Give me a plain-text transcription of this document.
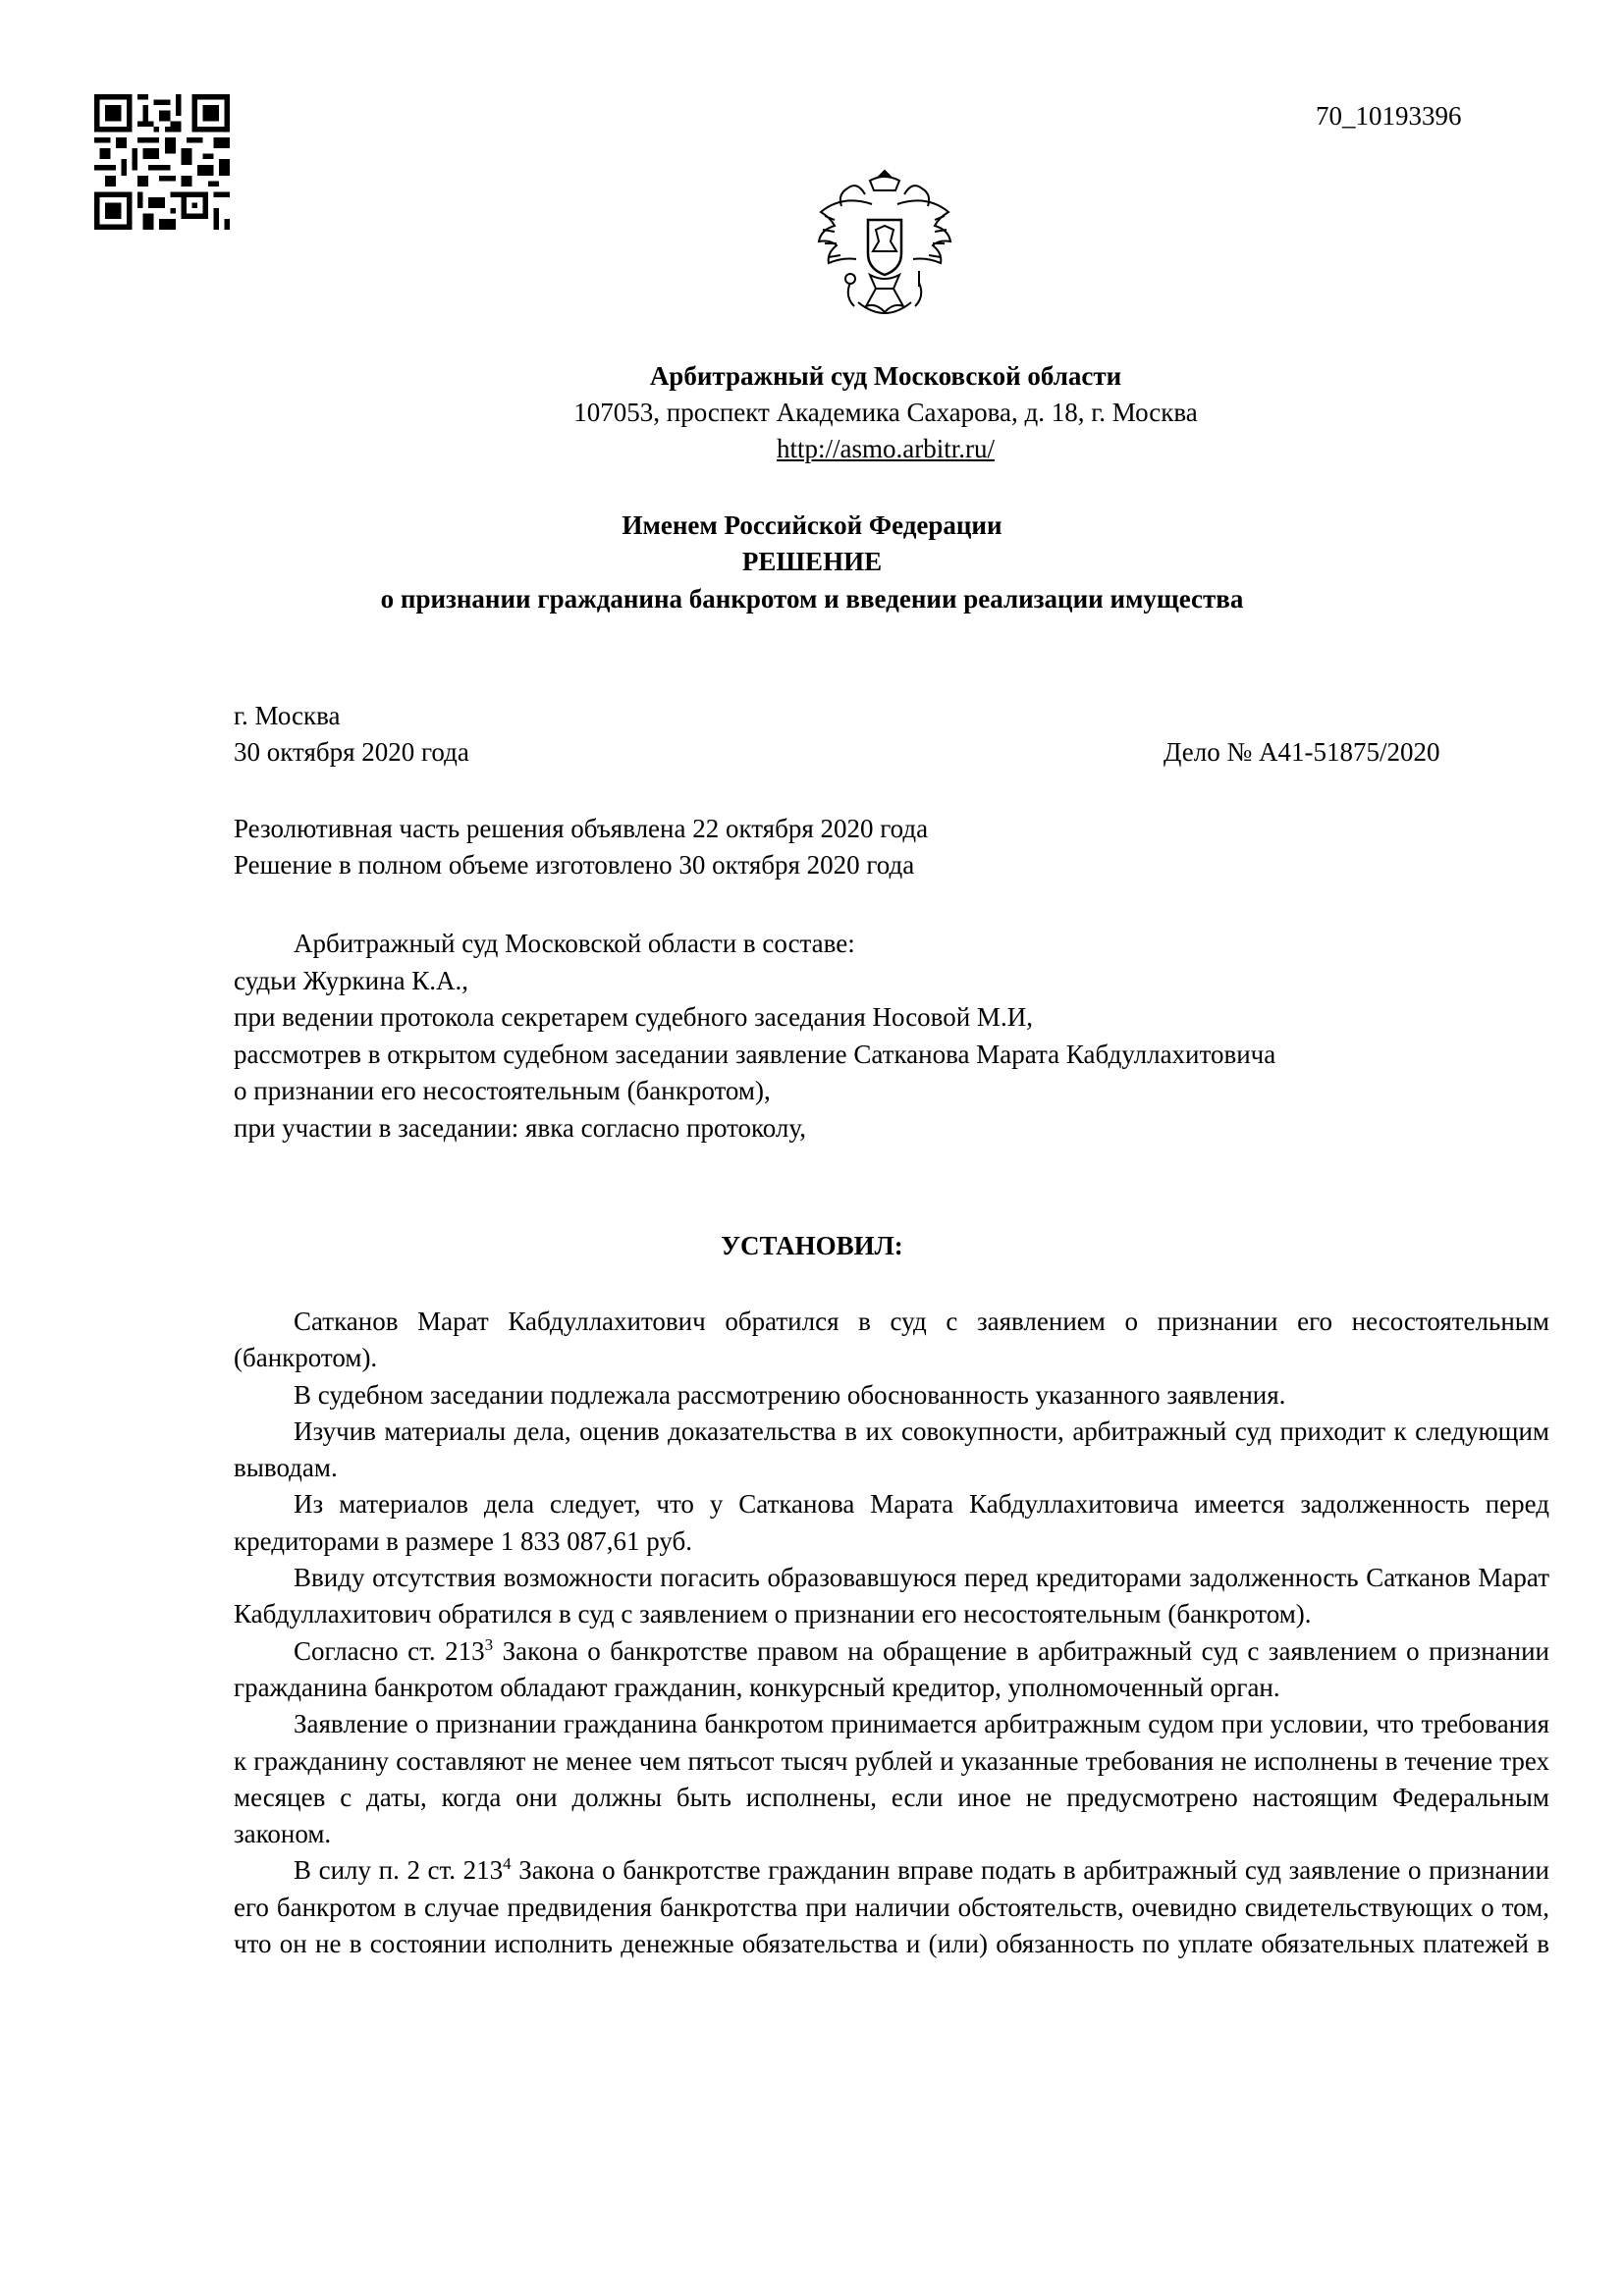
70_10193396
Арбитражный суд Московской области
107053, проспект Академика Сахарова, д. 18, г. Москва
http://asmo.arbitr.ru/
Именем Российской Федерации
РЕШЕНИЕ
о признании гражданина банкротом и введении реализации имущества
г. Москва
30 октября 2020 года	Дело № А41-51875/2020
Резолютивная часть решения объявлена 22 октября 2020 года
Решение в полном объеме изготовлено 30 октября 2020 года
Арбитражный суд Московской области в составе:
судьи Журкина К.А.,
при ведении протокола секретарем судебного заседания Носовой М.И,
рассмотрев в открытом судебном заседании заявление Сатканова Марата Кабдуллахитовича
о признании его несостоятельным (банкротом),
при участии в заседании: явка согласно протоколу,
УСТАНОВИЛ:

Сатканов Марат Кабдуллахитович обратился в суд с заявлением о признании его несостоятельным (банкротом).

В судебном заседании подлежала рассмотрению обоснованность указанного заявления.

Изучив материалы дела, оценив доказательства в их совокупности, арбитражный суд приходит к следующим выводам.

Из материалов дела следует, что у Сатканова Марата Кабдуллахитовича имеется задолженность перед кредиторами в размере 1 833 087,61 руб.

Ввиду отсутствия возможности погасить образовавшуюся перед кредиторами задолженность Сатканов Марат Кабдуллахитович обратился в суд с заявлением о признании его несостоятельным (банкротом).

Согласно ст. $213^3$ Закона о банкротстве правом на обращение в арбитражный суд с заявлением о признании гражданина банкротом обладают гражданин, конкурсный кредитор, уполномоченный орган.

Заявление о признании гражданина банкротом принимается арбитражным судом при условии, что требования к гражданину составляют не менее чем пятьсот тысяч рублей и указанные требования не исполнены в течение трех месяцев с даты, когда они должны быть исполнены, если иное не предусмотрено настоящим Федеральным законом.

В силу п. 2 ст. $213^4$ Закона о банкротстве гражданин вправе подать в арбитражный суд заявление о признании его банкротом в случае предвидения банкротства при наличии обстоятельств, очевидно свидетельствующих о том, что он не в состоянии исполнить денежные обязательства и (или) обязанность по уплате обязательных платежей в
